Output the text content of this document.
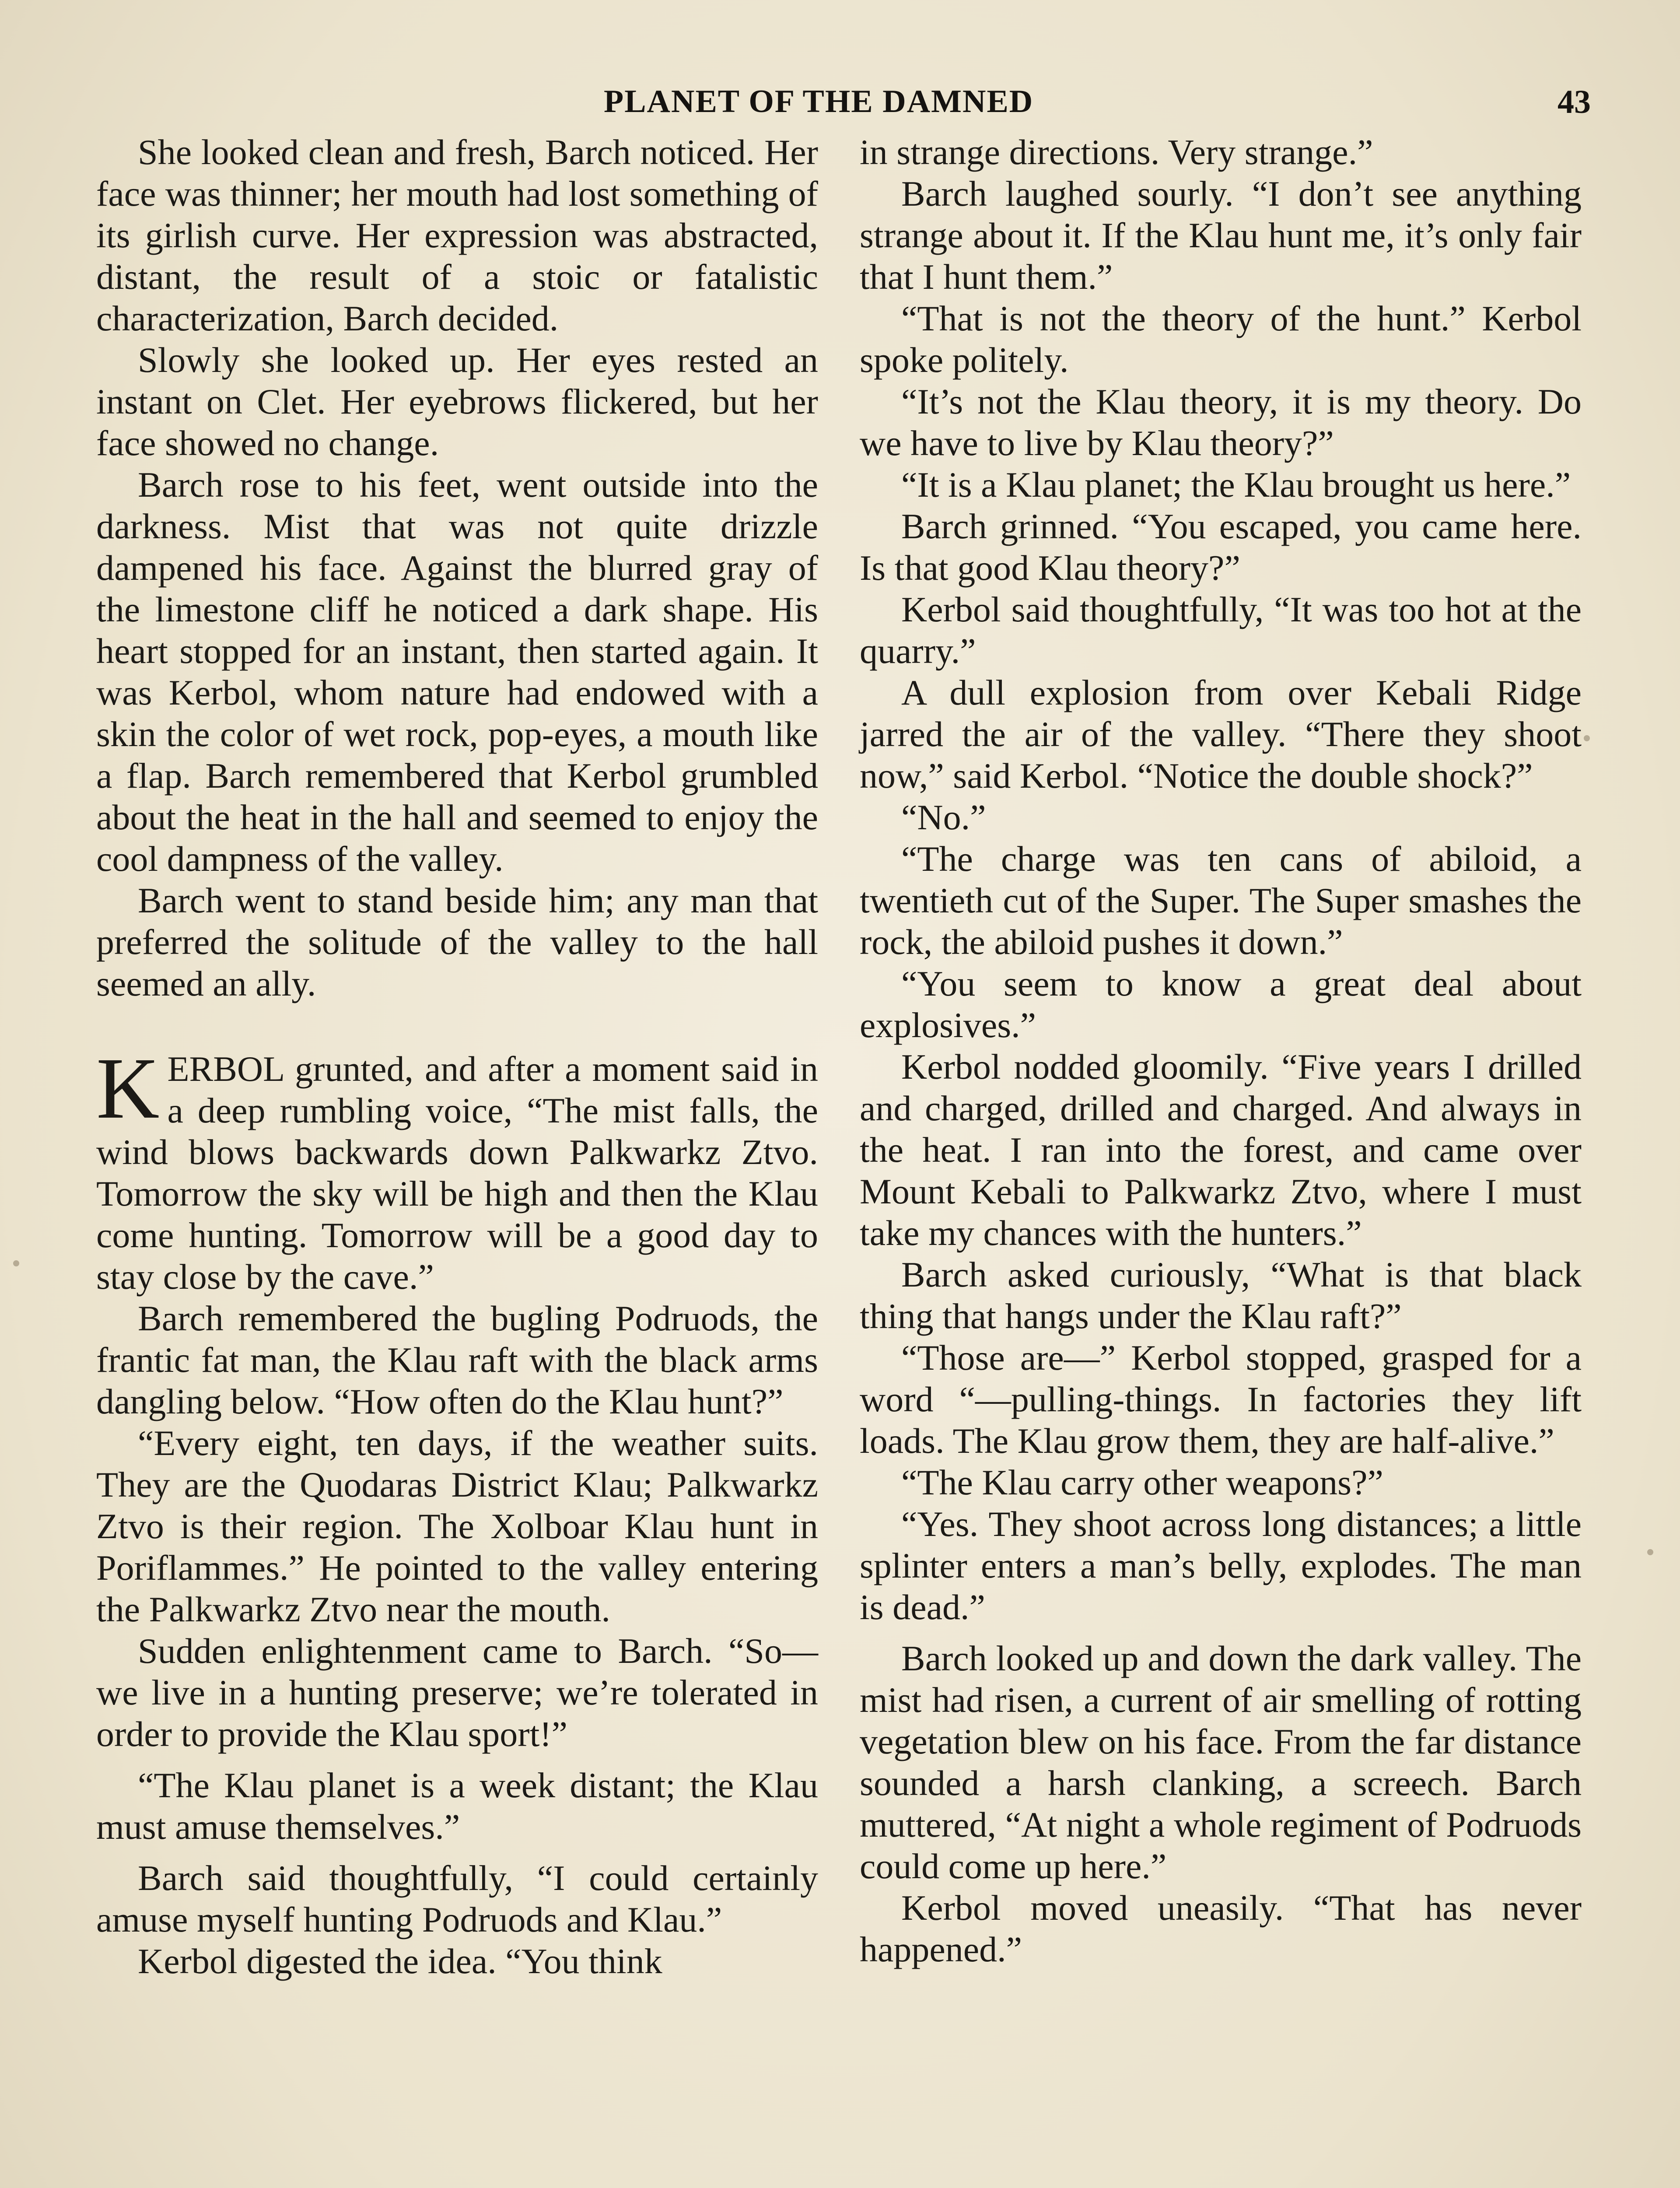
PLANET OF THE DAMNED	43

She looked clean and fresh, Barch noticed. Her face was thinner; her mouth had lost something of its girlish curve. Her expression was abstracted, distant, the result of a stoic or fatalistic characterization, Barch decided.

Slowly she looked up. Her eyes rested an instant on Clet. Her eyebrows flickered, but her face showed no change.

Barch rose to his feet, went outside into the darkness. Mist that was not quite drizzle dampened his face. Against the blurred gray of the limestone cliff he noticed a dark shape. His heart stopped for an instant, then started again. It was Kerbol, whom nature had endowed with a skin the color of wet rock, pop-eyes, a mouth like a flap. Barch remembered that Kerbol grumbled about the heat in the hall and seemed to enjoy the cool dampness of the valley.

Barch went to stand beside him; any man that preferred the solitude of the valley to the hall seemed an ally.

KERBOL grunted, and after a moment said in a deep rumbling voice, “The mist falls, the wind blows backwards down Palkwarkz Ztvo. Tomorrow the sky will be high and then the Klau come hunting. Tomorrow will be a good day to stay close by the cave.”

Barch remembered the bugling Podruods, the frantic fat man, the Klau raft with the black arms dangling below. “How often do the Klau hunt?”

“Every eight, ten days, if the weather suits. They are the Quodaras District Klau; Palkwarkz Ztvo is their region. The Xolboar Klau hunt in Poriflammes.” He pointed to the valley entering the Palkwarkz Ztvo near the mouth.

Sudden enlightenment came to Barch. “So—we live in a hunting preserve; we’re tolerated in order to provide the Klau sport!”

“The Klau planet is a week distant; the Klau must amuse themselves.”

Barch said thoughtfully, “I could certainly amuse myself hunting Podruods and Klau.”

Kerbol digested the idea. “You think

in strange directions. Very strange.”

Barch laughed sourly. “I don’t see anything strange about it. If the Klau hunt me, it’s only fair that I hunt them.”

“That is not the theory of the hunt.” Kerbol spoke politely.

“It’s not the Klau theory, it is my theory. Do we have to live by Klau theory?”

“It is a Klau planet; the Klau brought us here.”

Barch grinned. “You escaped, you came here. Is that good Klau theory?”

Kerbol said thoughtfully, “It was too hot at the quarry.”

A dull explosion from over Kebali Ridge jarred the air of the valley. “There they shoot now,” said Kerbol. “Notice the double shock?”

“No.”

“The charge was ten cans of abiloid, a twentieth cut of the Super. The Super smashes the rock, the abiloid pushes it down.”

“You seem to know a great deal about explosives.”

Kerbol nodded gloomily. “Five years I drilled and charged, drilled and charged. And always in the heat. I ran into the forest, and came over Mount Kebali to Palkwarkz Ztvo, where I must take my chances with the hunters.”

Barch asked curiously, “What is that black thing that hangs under the Klau raft?”

“Those are—” Kerbol stopped, grasped for a word “—pulling-things. In factories they lift loads. The Klau grow them, they are half-alive.”

“The Klau carry other weapons?”

“Yes. They shoot across long distances; a little splinter enters a man’s belly, explodes. The man is dead.”

Barch looked up and down the dark valley. The mist had risen, a current of air smelling of rotting vegetation blew on his face. From the far distance sounded a harsh clanking, a screech. Barch muttered, “At night a whole regiment of Podruods could come up here.”

Kerbol moved uneasily. “That has never happened.”
